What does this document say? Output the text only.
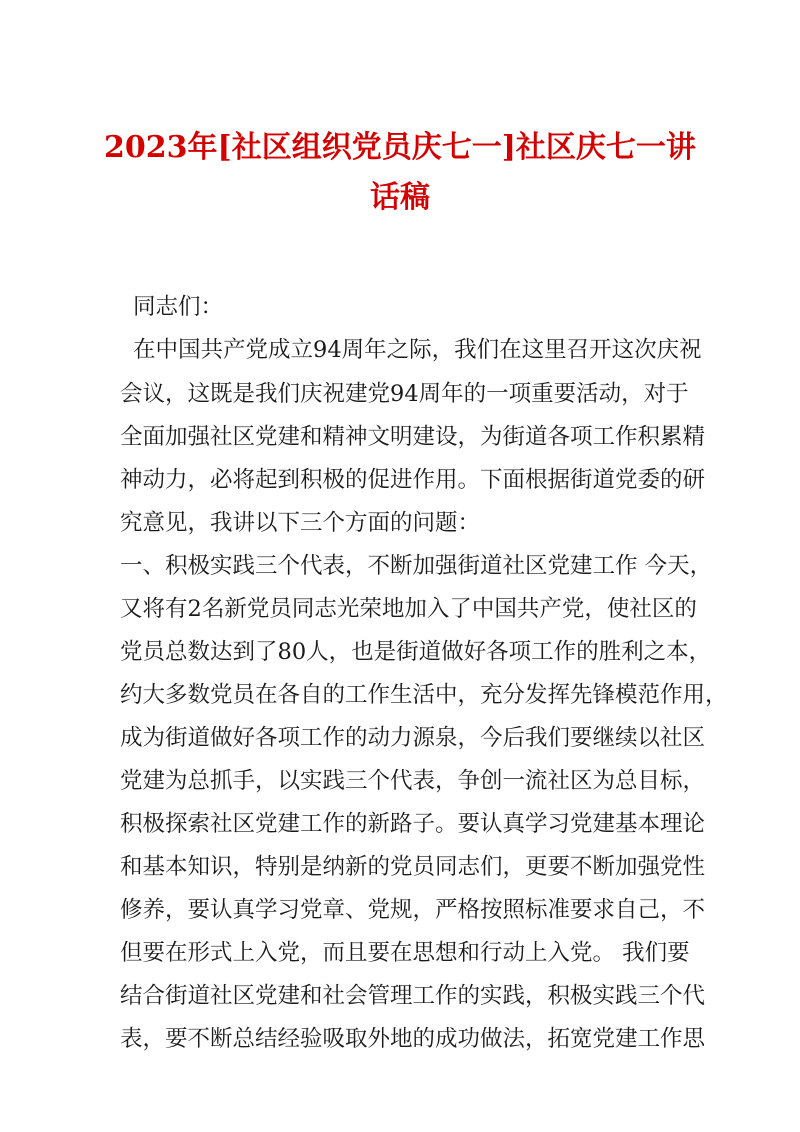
2023年[社区组织党员庆七一]社区庆七一讲
话稿
同志们：
在中国共产党成立94周年之际，我们在这里召开这次庆祝
会议，这既是我们庆祝建党94周年的一项重要活动，对于
全面加强社区党建和精神文明建设，为街道各项工作积累精
神动力，必将起到积极的促进作用。下面根据街道党委的研
究意见，我讲以下三个方面的问题：
一、积极实践三个代表，不断加强街道社区党建工作 今天，
又将有2名新党员同志光荣地加入了中国共产党，使社区的
党员总数达到了80人，也是街道做好各项工作的胜利之本，
约大多数党员在各自的工作生活中，充分发挥先锋模范作用，
成为街道做好各项工作的动力源泉，今后我们要继续以社区
党建为总抓手，以实践三个代表，争创一流社区为总目标，
积极探索社区党建工作的新路子。要认真学习党建基本理论
和基本知识，特别是纳新的党员同志们，更要不断加强党性
修养，要认真学习党章、党规，严格按照标准要求自己，不
但要在形式上入党，而且要在思想和行动上入党。 我们要
结合街道社区党建和社会管理工作的实践，积极实践三个代
表，要不断总结经验吸取外地的成功做法，拓宽党建工作思
